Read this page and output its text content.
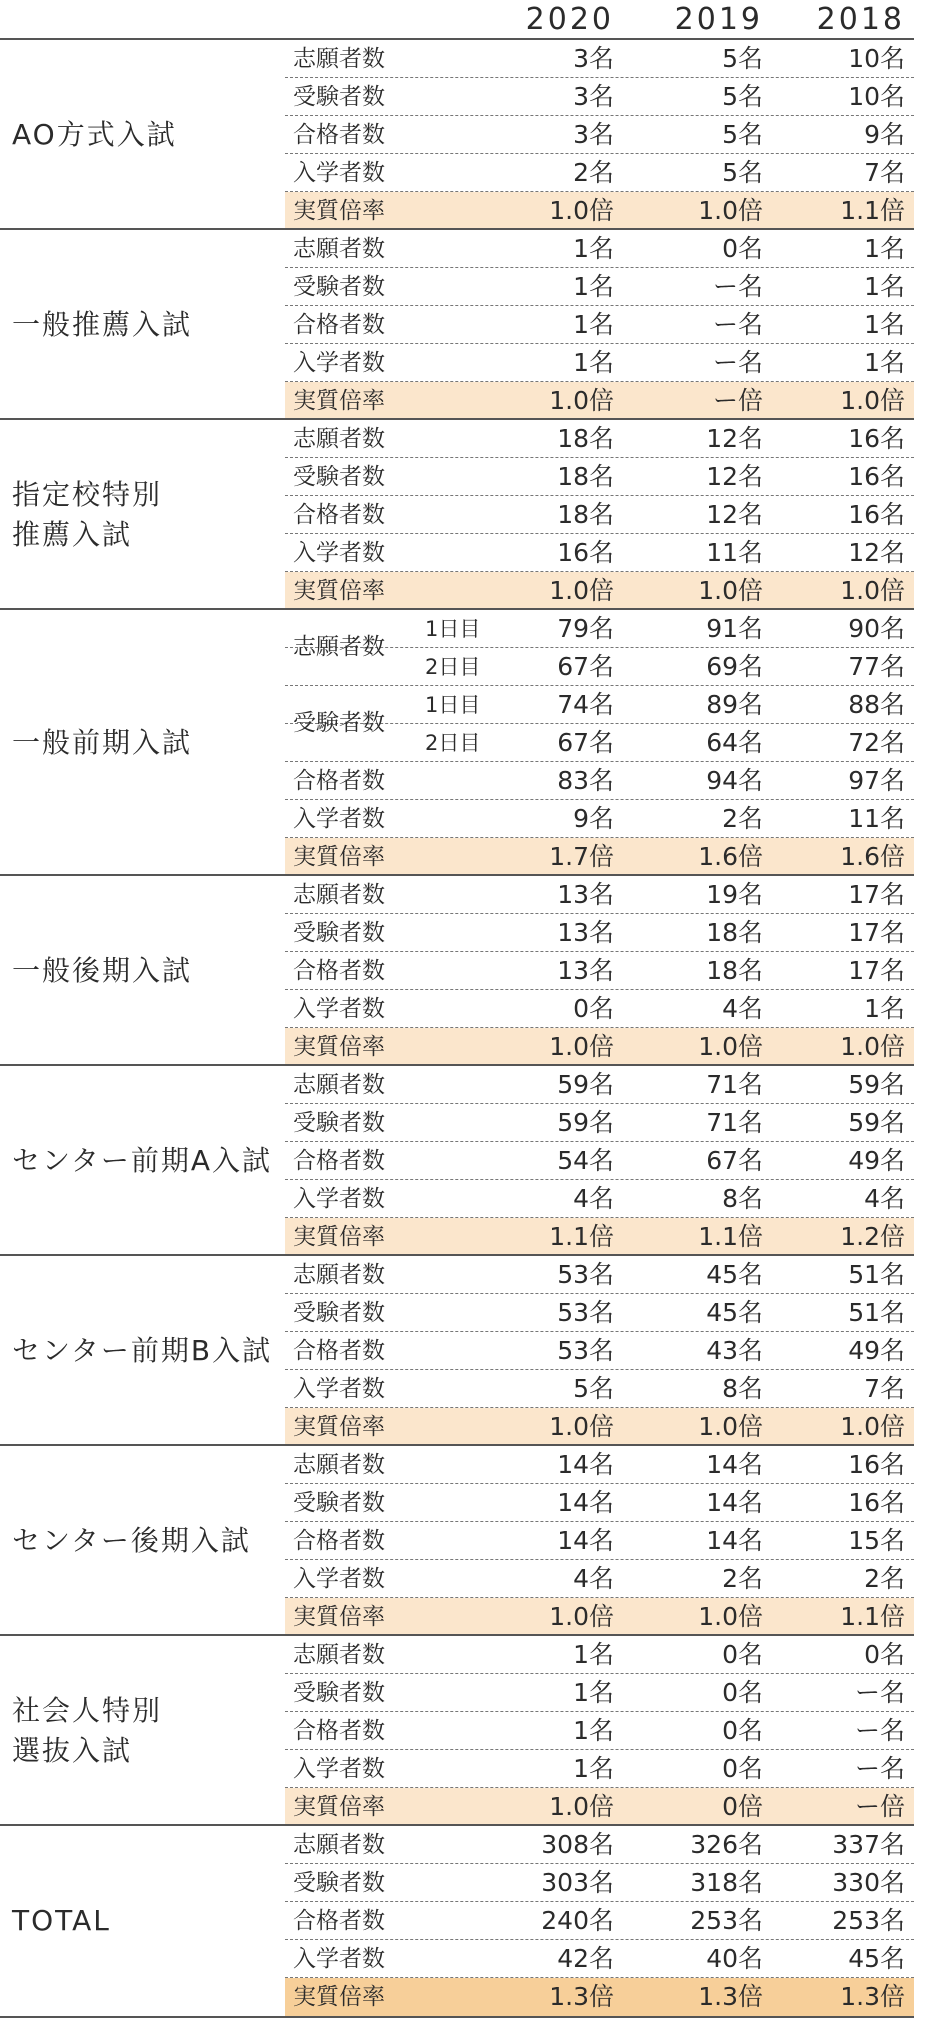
2020	2019	2018
AO方式入試
志願者数	3名	5名	10名
受験者数	3名	5名	10名
合格者数	3名	5名	9名
入学者数	2名	5名	7名
実質倍率	1.0倍	1.0倍	1.1倍
一般推薦入試
志願者数	1名	0名	1名
受験者数	1名	ー名	1名
合格者数	1名	ー名	1名
入学者数	1名	ー名	1名
実質倍率	1.0倍	ー倍	1.0倍
指定校特別
推薦入試
志願者数	18名	12名	16名
受験者数	18名	12名	16名
合格者数	18名	12名	16名
入学者数	16名	11名	12名
実質倍率	1.0倍	1.0倍	1.0倍
一般前期入試
志願者数
1日目	79名	91名	90名
2日目	67名	69名	77名
受験者数
1日目	74名	89名	88名
2日目	67名	64名	72名
合格者数	83名	94名	97名
入学者数	9名	2名	11名
実質倍率	1.7倍	1.6倍	1.6倍
一般後期入試
志願者数	13名	19名	17名
受験者数	13名	18名	17名
合格者数	13名	18名	17名
入学者数	0名	4名	1名
実質倍率	1.0倍	1.0倍	1.0倍
センター前期A入試
志願者数	59名	71名	59名
受験者数	59名	71名	59名
合格者数	54名	67名	49名
入学者数	4名	8名	4名
実質倍率	1.1倍	1.1倍	1.2倍
センター前期B入試
志願者数	53名	45名	51名
受験者数	53名	45名	51名
合格者数	53名	43名	49名
入学者数	5名	8名	7名
実質倍率	1.0倍	1.0倍	1.0倍
センター後期入試
志願者数	14名	14名	16名
受験者数	14名	14名	16名
合格者数	14名	14名	15名
入学者数	4名	2名	2名
実質倍率	1.0倍	1.0倍	1.1倍
社会人特別
選抜入試
志願者数	1名	0名	0名
受験者数	1名	0名	ー名
合格者数	1名	0名	ー名
入学者数	1名	0名	ー名
実質倍率	1.0倍	0倍	ー倍
TOTAL
志願者数	308名	326名	337名
受験者数	303名	318名	330名
合格者数	240名	253名	253名
入学者数	42名	40名	45名
実質倍率	1.3倍	1.3倍	1.3倍
